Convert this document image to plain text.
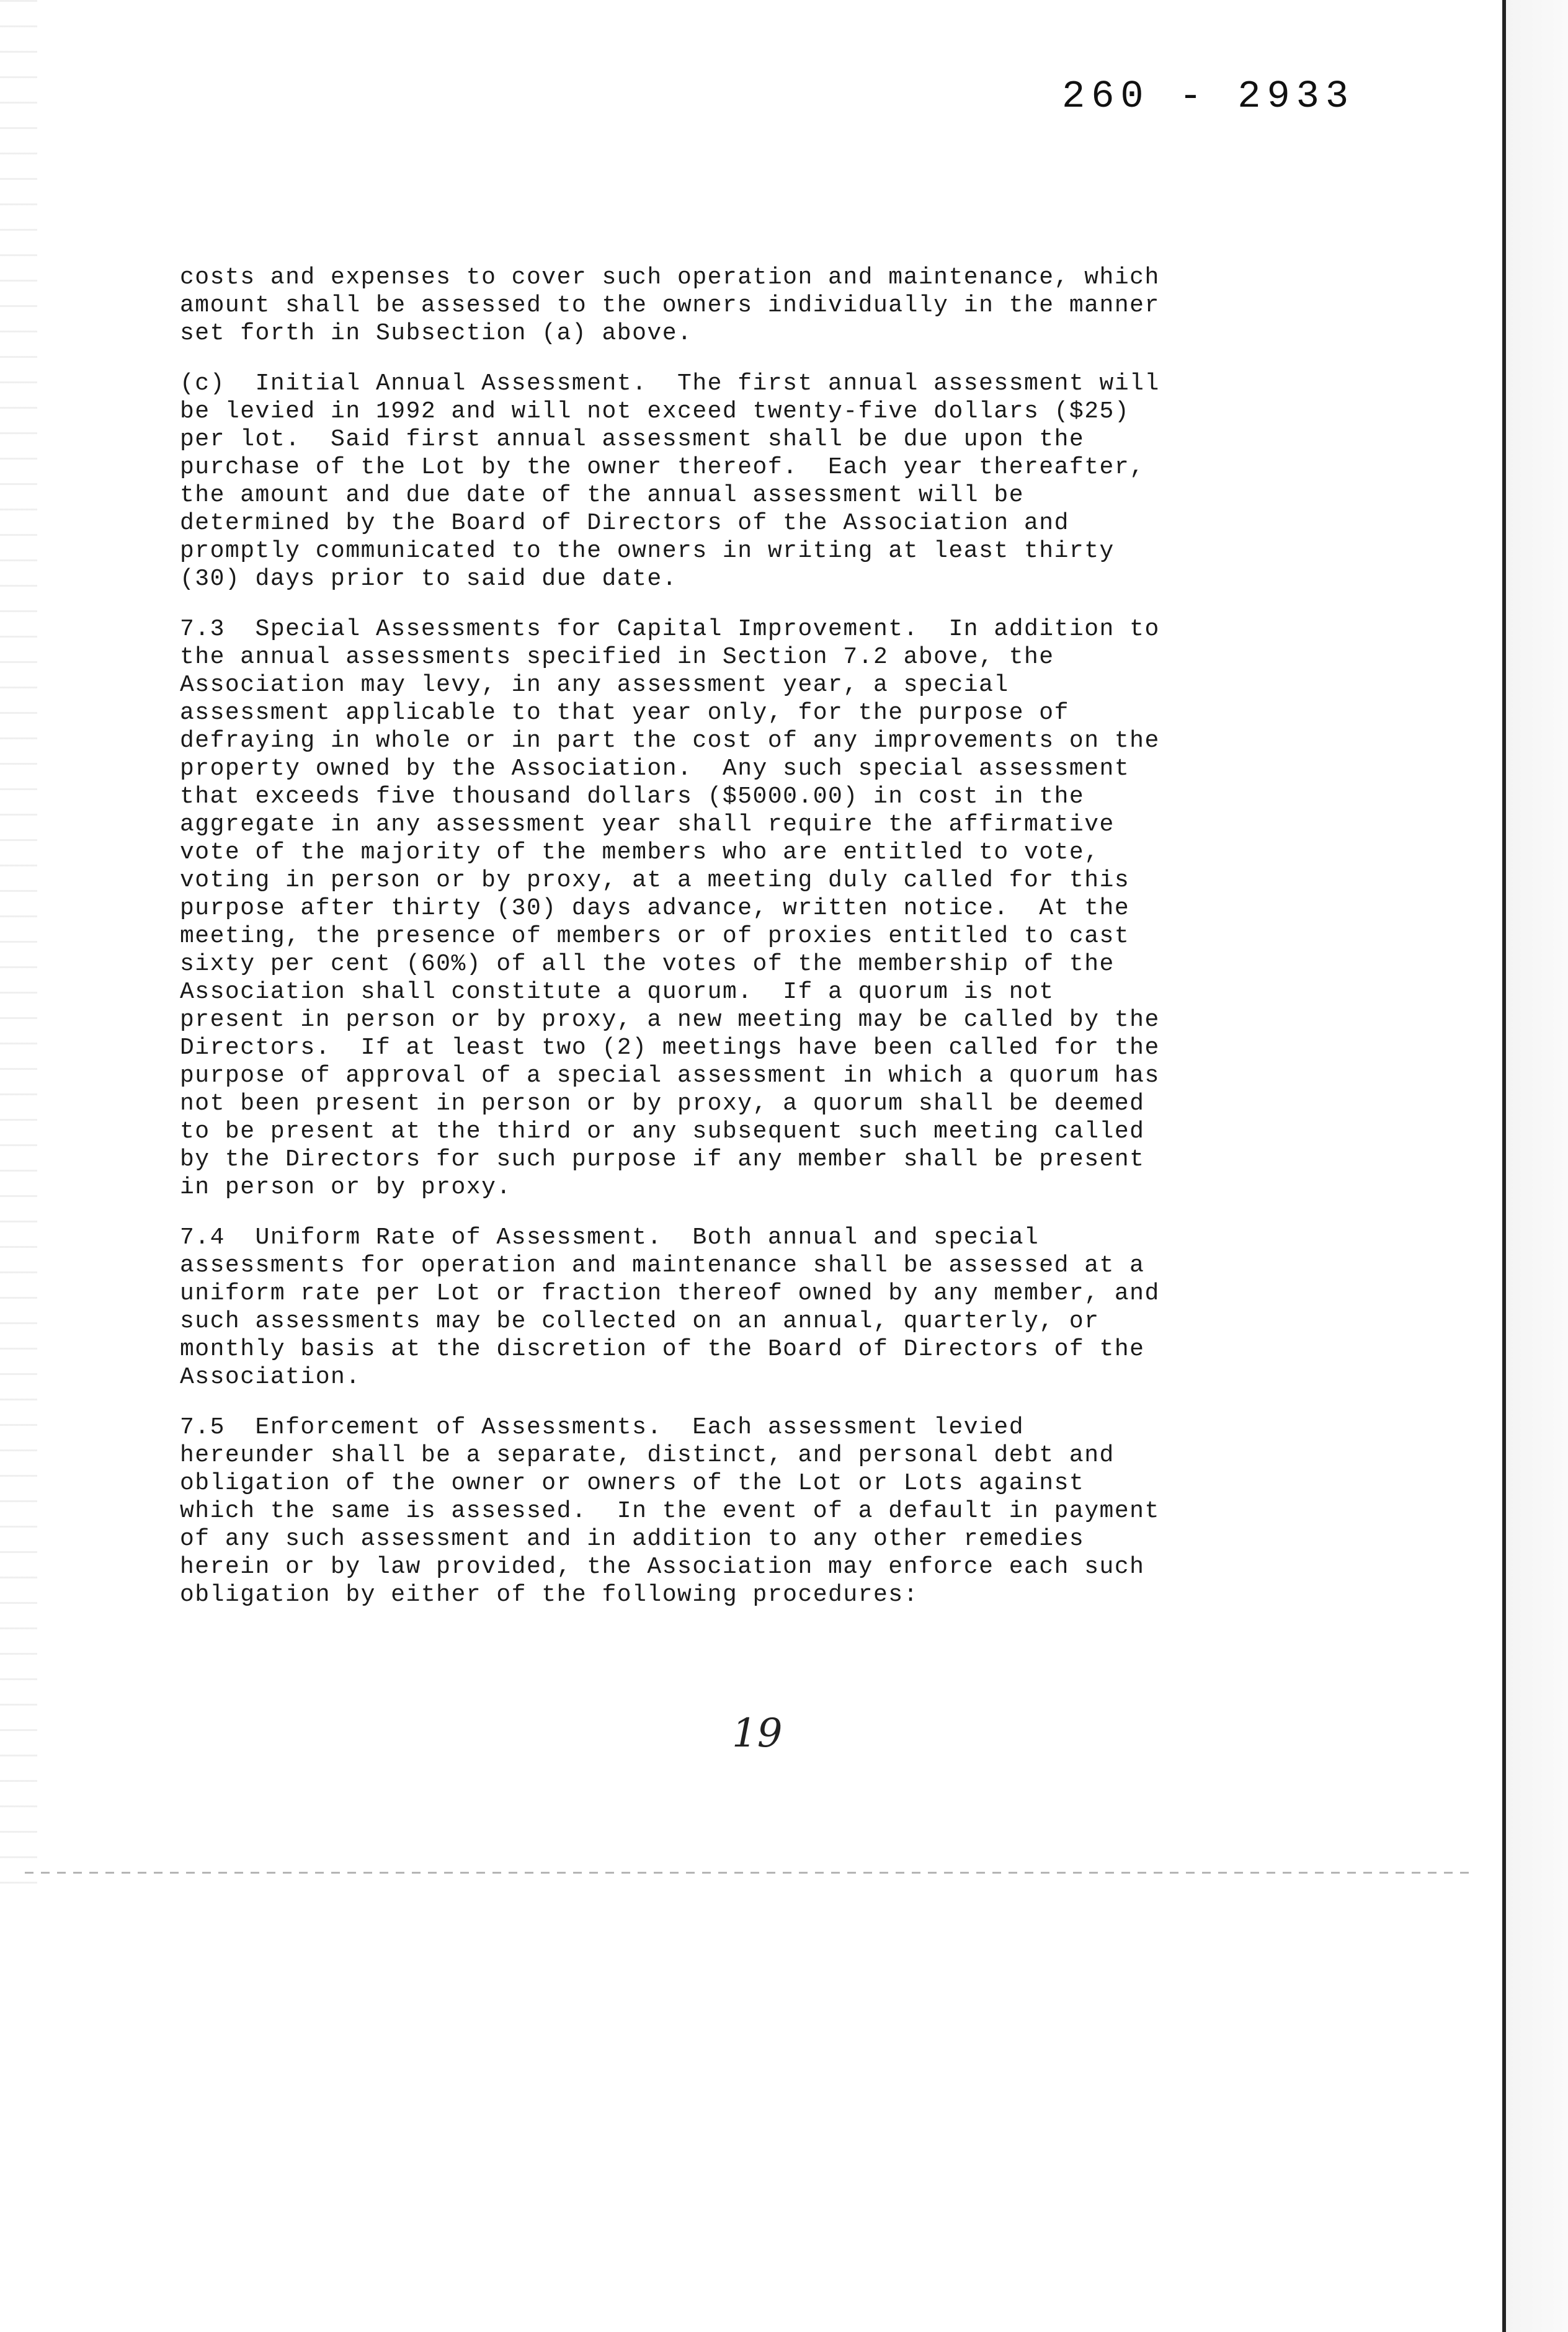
260 - 2933
costs and expenses to cover such operation and maintenance, which
amount shall be assessed to the owners individually in the manner
set forth in Subsection (a) above.
(c)  Initial Annual Assessment.  The first annual assessment will
be levied in 1992 and will not exceed twenty-five dollars ($25)
per lot.  Said first annual assessment shall be due upon the
purchase of the Lot by the owner thereof.  Each year thereafter,
the amount and due date of the annual assessment will be
determined by the Board of Directors of the Association and
promptly communicated to the owners in writing at least thirty
(30) days prior to said due date.
7.3  Special Assessments for Capital Improvement.  In addition to
the annual assessments specified in Section 7.2 above, the
Association may levy, in any assessment year, a special
assessment applicable to that year only, for the purpose of
defraying in whole or in part the cost of any improvements on the
property owned by the Association.  Any such special assessment
that exceeds five thousand dollars ($5000.00) in cost in the
aggregate in any assessment year shall require the affirmative
vote of the majority of the members who are entitled to vote,
voting in person or by proxy, at a meeting duly called for this
purpose after thirty (30) days advance, written notice.  At the
meeting, the presence of members or of proxies entitled to cast
sixty per cent (60%) of all the votes of the membership of the
Association shall constitute a quorum.  If a quorum is not
present in person or by proxy, a new meeting may be called by the
Directors.  If at least two (2) meetings have been called for the
purpose of approval of a special assessment in which a quorum has
not been present in person or by proxy, a quorum shall be deemed
to be present at the third or any subsequent such meeting called
by the Directors for such purpose if any member shall be present
in person or by proxy.
7.4  Uniform Rate of Assessment.  Both annual and special
assessments for operation and maintenance shall be assessed at a
uniform rate per Lot or fraction thereof owned by any member, and
such assessments may be collected on an annual, quarterly, or
monthly basis at the discretion of the Board of Directors of the
Association.
7.5  Enforcement of Assessments.  Each assessment levied
hereunder shall be a separate, distinct, and personal debt and
obligation of the owner or owners of the Lot or Lots against
which the same is assessed.  In the event of a default in payment
of any such assessment and in addition to any other remedies
herein or by law provided, the Association may enforce each such
obligation by either of the following procedures:
19
